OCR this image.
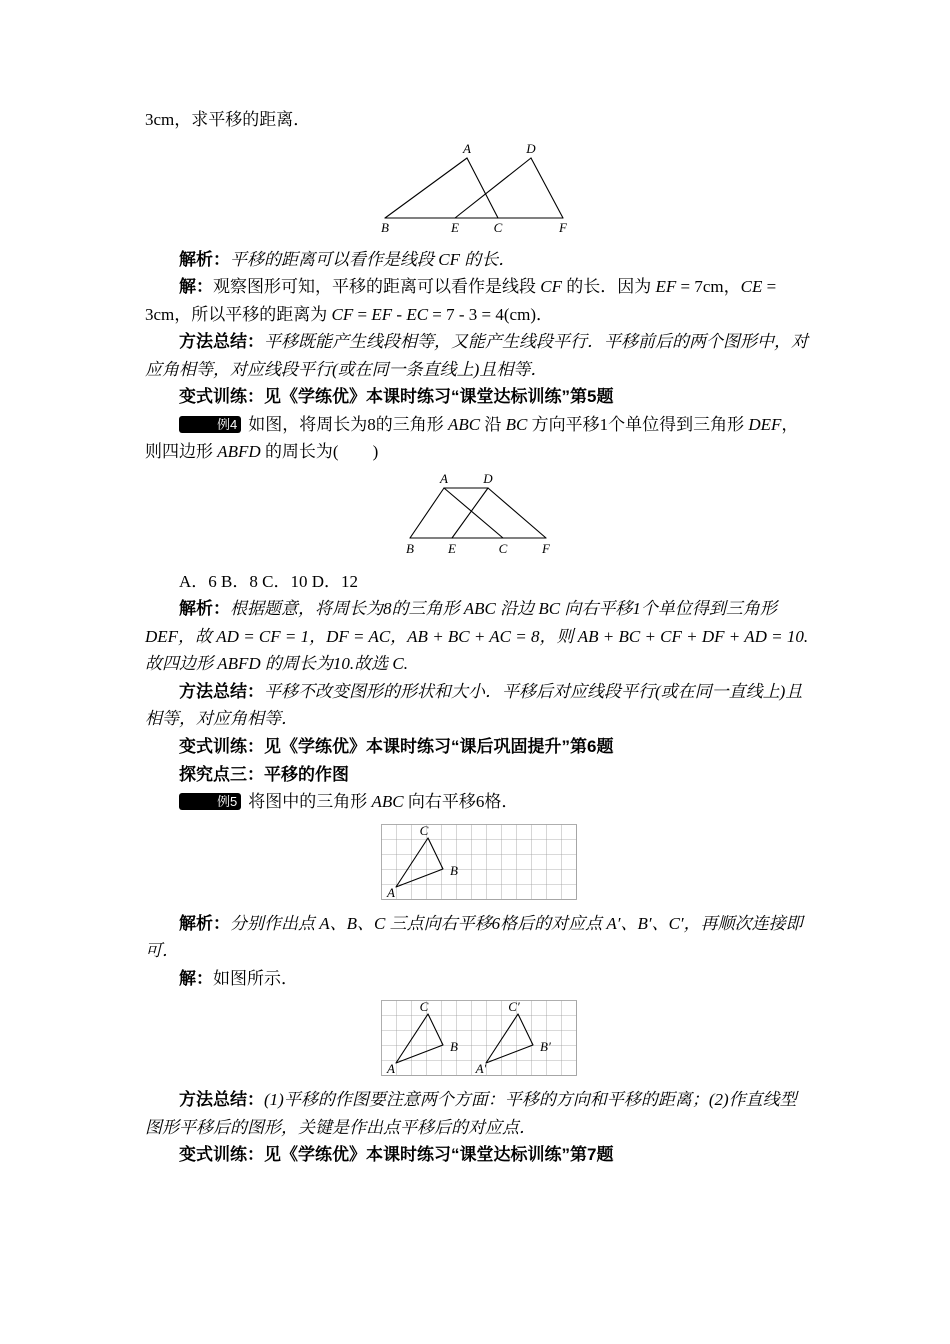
3cm，求平移的距离．

A	D
B	E	C	F

解析：平移的距离可以看作是线段 CF 的长．

解：观察图形可知，平移的距离可以看作是线段 CF 的长．因为 EF = 7cm，CE = 3cm，所以平移的距离为 CF = EF - EC = 7 - 3 = 4(cm)．

方法总结：平移既能产生线段相等，又能产生线段平行．平移前后的两个图形中，对应角相等，对应线段平行(或在同一条直线上)且相等．

变式训练：见《学练优》本课时练习“课堂达标训练”第5题

例4 如图，将周长为8的三角形 ABC 沿 BC 方向平移1个单位得到三角形 DEF，则四边形 ABFD 的周长为(　　)

A	D
B	E	C	F

A．6 B．8 C．10 D．12

解析：根据题意，将周长为8的三角形 ABC 沿边 BC 向右平移1个单位得到三角形 DEF，故 AD = CF = 1，DF = AC，AB + BC + AC = 8，则 AB + BC + CF + DF + AD = 10.故四边形 ABFD 的周长为10.故选 C.

方法总结：平移不改变图形的形状和大小．平移后对应线段平行(或在同一直线上)且相等，对应角相等．

变式训练：见《学练优》本课时练习“课后巩固提升”第6题

探究点三：平移的作图

例5 将图中的三角形 ABC 向右平移6格．

A
B
C

解析：分别作出点 A、B、C 三点向右平移6格后的对应点 A′、B′、C′，再顺次连接即可．

解：如图所示．

A
B
C
A′
B′
C′

方法总结：(1)平移的作图要注意两个方面：平移的方向和平移的距离；(2)作直线型图形平移后的图形，关键是作出点平移后的对应点．

变式训练：见《学练优》本课时练习“课堂达标训练”第7题
